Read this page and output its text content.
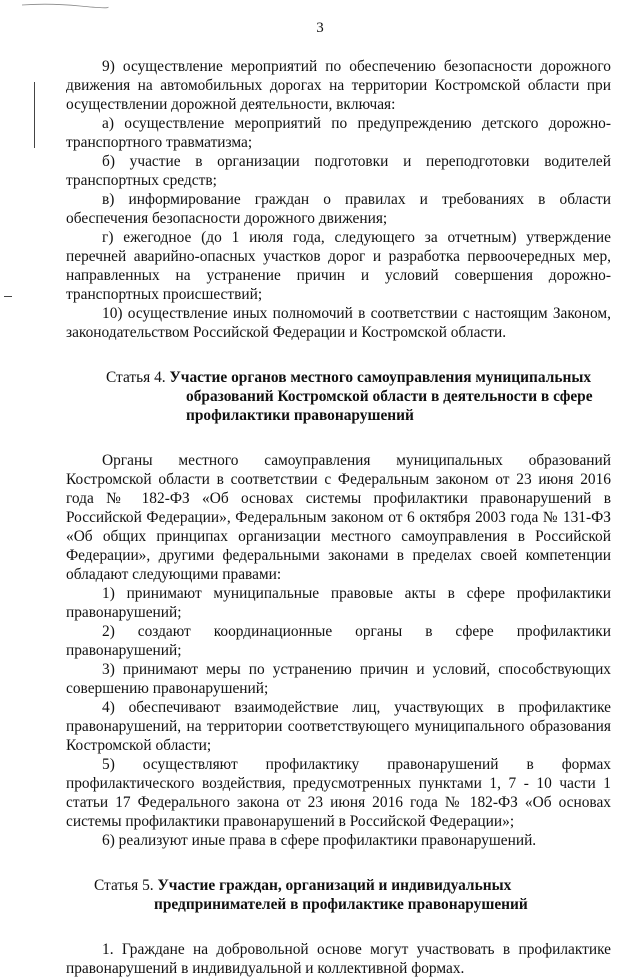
3

9) осуществление мероприятий по обеспечению безопасности дорожного движения на автомобильных дорогах на территории Костромской области при осуществлении дорожной деятельности, включая:

а) осуществление мероприятий по предупреждению детского дорожно-транспортного травматизма;

б) участие в организации подготовки и переподготовки водителей транспортных средств;

в) информирование граждан о правилах и требованиях в области обеспечения безопасности дорожного движения;

г) ежегодное (до 1 июля года, следующего за отчетным) утверждение перечней аварийно-опасных участков дорог и разработка первоочередных мер, направленных на устранение причин и условий совершения дорожно-транспортных происшествий;

10) осуществление иных полномочий в соответствии с настоящим Законом, законодательством Российской Федерации и Костромской области.

Статья 4. Участие органов местного самоуправления муниципальных

образований Костромской области в деятельности в сфере

профилактики правонарушений

Органы местного самоуправления муниципальных образований Костромской области в соответствии с Федеральным законом от 23 июня 2016 года № 182-ФЗ «Об основах системы профилактики правонарушений в Российской Федерации», Федеральным законом от 6 октября 2003 года № 131-ФЗ «Об общих принципах организации местного самоуправления в Российской Федерации», другими федеральными законами в пределах своей компетенции обладают следующими правами:

1) принимают муниципальные правовые акты в сфере профилактики правонарушений;

2) создают координационные органы в сфере профилактики правонарушений;

3) принимают меры по устранению причин и условий, способствующих совершению правонарушений;

4) обеспечивают взаимодействие лиц, участвующих в профилактике правонарушений, на территории соответствующего муниципального образования Костромской области;

5) осуществляют профилактику правонарушений в формах профилактического воздействия, предусмотренных пунктами 1, 7 - 10 части 1 статьи 17 Федерального закона от 23 июня 2016 года № 182-ФЗ «Об основах системы профилактики правонарушений в Российской Федерации»;

6) реализуют иные права в сфере профилактики правонарушений.

Статья 5. Участие граждан, организаций и индивидуальных

предпринимателей в профилактике правонарушений

1. Граждане на добровольной основе могут участвовать в профилактике правонарушений в индивидуальной и коллективной формах.
